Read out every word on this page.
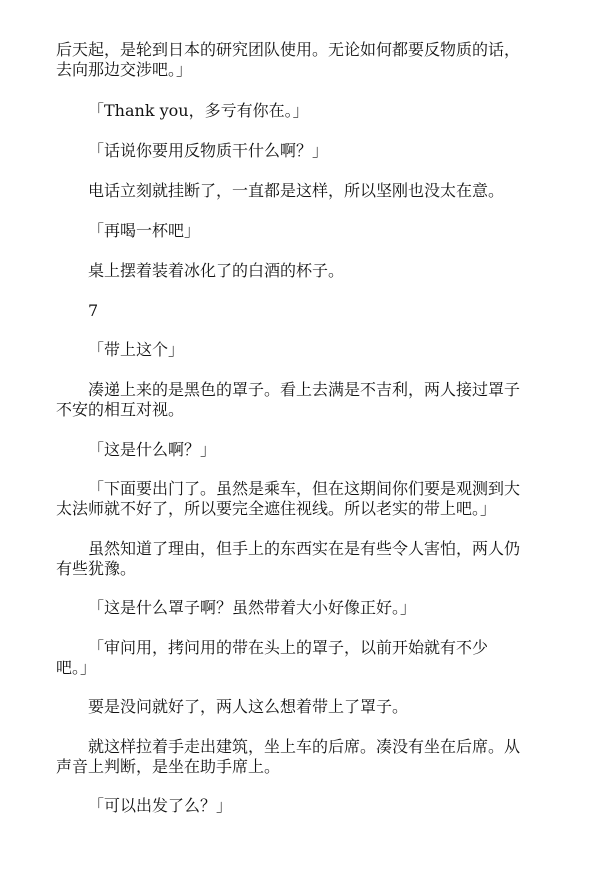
后天起，是轮到日本的研究团队使用。无论如何都要反物质的话，
去向那边交涉吧。」

「Thank you，多亏有你在。」

「话说你要用反物质干什么啊？」

电话立刻就挂断了，一直都是这样，所以坚刚也没太在意。

「再喝一杯吧」

桌上摆着装着冰化了的白酒的杯子。

7

「带上这个」

凑递上来的是黑色的罩子。看上去满是不吉利，两人接过罩子
不安的相互对视。

「这是什么啊？」

「下面要出门了。虽然是乘车，但在这期间你们要是观测到大
太法师就不好了，所以要完全遮住视线。所以老实的带上吧。」

虽然知道了理由，但手上的东西实在是有些令人害怕，两人仍
有些犹豫。

「这是什么罩子啊？虽然带着大小好像正好。」

「审问用，拷问用的带在头上的罩子，以前开始就有不少
吧。」

要是没问就好了，两人这么想着带上了罩子。

就这样拉着手走出建筑，坐上车的后席。凑没有坐在后席。从
声音上判断，是坐在助手席上。

「可以出发了么？」
